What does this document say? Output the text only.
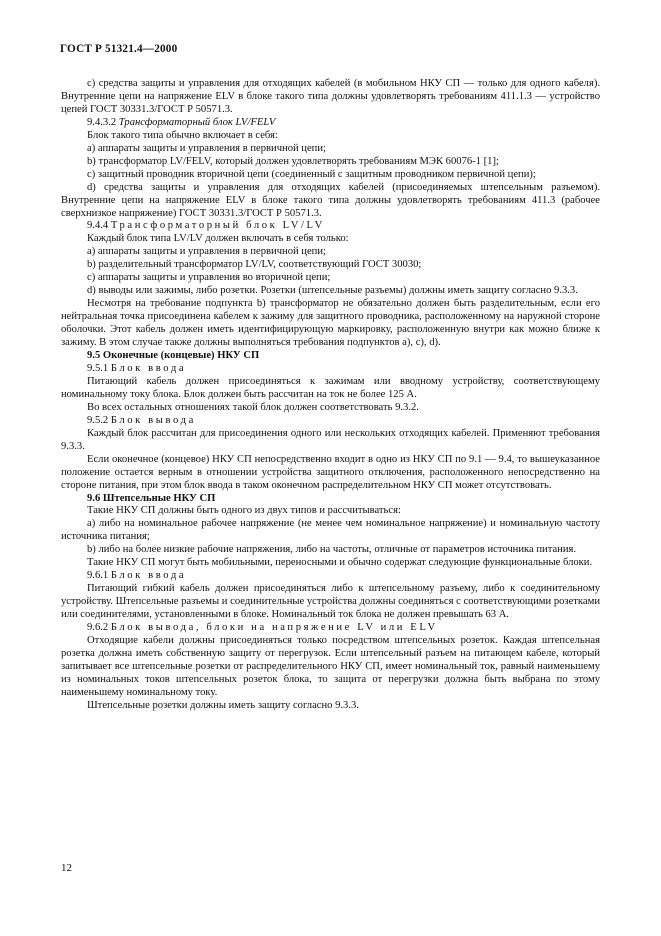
ГОСТ Р 51321.4—2000

c) средства защиты и управления для отходящих кабелей (в мобильном НКУ СП — только для одного кабеля). Внутренние цепи на напряжение ELV в блоке такого типа должны удовлетворять требованиям 411.1.3 — устройство цепей ГОСТ 30331.3/ГОСТ Р 50571.3.

9.4.3.2 Трансформаторный блок LV/FELV

Блок такого типа обычно включает в себя:

a) аппараты защиты и управления в первичной цепи;

b) трансформатор LV/FELV, который должен удовлетворять требованиям МЭК 60076-1 [1];

c) защитный проводник вторичной цепи (соединенный с защитным проводником первичной цепи);

d) средства защиты и управления для отходящих кабелей (присоединяемых штепсельным разъемом). Внутренние цепи на напряжение ELV в блоке такого типа должны удовлетворять требованиям 411.3 (рабочее сверхнизкое напряжение) ГОСТ 30331.3/ГОСТ Р 50571.3.

9.4.4 Трансформаторный блок LV/LV

Каждый блок типа LV/LV должен включать в себя только:

a) аппараты защиты и управления в первичной цепи;

b) разделительный трансформатор LV/LV, соответствующий ГОСТ 30030;

c) аппараты защиты и управления во вторичной цепи;

d) выводы или зажимы, либо розетки. Розетки (штепсельные разъемы) должны иметь защиту согласно 9.3.3.

Несмотря на требование подпункта b) трансформатор не обязательно должен быть разделительным, если его нейтральная точка присоединена кабелем к зажиму для защитного проводника, расположенному на наружной стороне оболочки. Этот кабель должен иметь идентифицирующую маркировку, расположенную внутри как можно ближе к зажиму. В этом случае также должны выполняться требования подпунктов a), c), d).

9.5 Оконечные (концевые) НКУ СП

9.5.1 Блок ввода

Питающий кабель должен присоединяться к зажимам или вводному устройству, соответствующему номинальному току блока. Блок должен быть рассчитан на ток не более 125 А.

Во всех остальных отношениях такой блок должен соответствовать 9.3.2.

9.5.2 Блок вывода

Каждый блок рассчитан для присоединения одного или нескольких отходящих кабелей. Применяют требования 9.3.3.

Если оконечное (концевое) НКУ СП непосредственно входит в одно из НКУ СП по 9.1 — 9.4, то вышеуказанное положение остается верным в отношении устройства защитного отключения, расположенного непосредственно на стороне питания, при этом блок ввода в таком оконечном распределительном НКУ СП может отсутствовать.

9.6 Штепсельные НКУ СП

Такие НКУ СП должны быть одного из двух типов и рассчитываться:

a) либо на номинальное рабочее напряжение (не менее чем номинальное напряжение) и номинальную частоту источника питания;

b) либо на более низкие рабочие напряжения, либо на частоты, отличные от параметров источника питания.

Такие НКУ СП могут быть мобильными, переносными и обычно содержат следующие функциональные блоки.

9.6.1 Блок ввода

Питающий гибкий кабель должен присоединяться либо к штепсельному разъему, либо к соединительному устройству. Штепсельные разъемы и соединительные устройства должны соединяться с соответствующими розетками или соединителями, установленными в блоке. Номинальный ток блока не должен превышать 63 А.

9.6.2 Блок вывода, блоки на напряжение LV или ELV

Отходящие кабели должны присоединяться только посредством штепсельных розеток. Каждая штепсельная розетка должна иметь собственную защиту от перегрузок. Если штепсельный разъем на питающем кабеле, который запитывает все штепсельные розетки от распределительного НКУ СП, имеет номинальный ток, равный наименьшему из номинальных токов штепсельных розеток блока, то защита от перегрузки должна быть выбрана по этому наименьшему номинальному току.

Штепсельные розетки должны иметь защиту согласно 9.3.3.

12
